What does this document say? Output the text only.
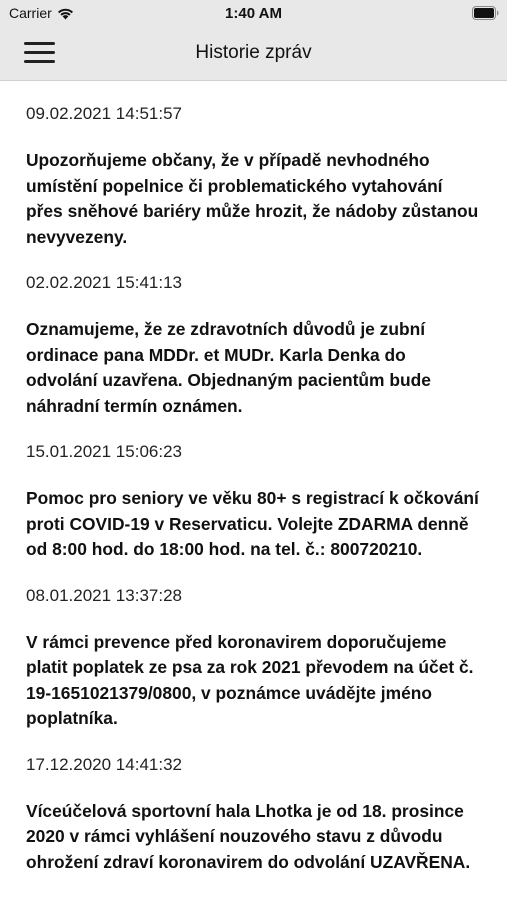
Carrier	1:40 AM
Historie zpráv
09.02.2021 14:51:57
Upozorňujeme občany, že v případě nevhodného umístění popelnice či problematického vytahování přes sněhové bariéry může hrozit, že nádoby zůstanou nevyvezeny.
02.02.2021 15:41:13
Oznamujeme, že ze zdravotních důvodů je zubní ordinace pana MDDr. et MUDr. Karla Denka do odvolání uzavřena. Objednaným pacientům bude náhradní termín oznámen.
15.01.2021 15:06:23
Pomoc pro seniory ve věku 80+ s registrací k očkování proti COVID-19 v Reservaticu. Volejte ZDARMA denně od 8:00 hod. do 18:00 hod. na tel. č.: 800720210.
08.01.2021 13:37:28
V rámci prevence před koronavirem doporučujeme platit poplatek ze psa za rok 2021 převodem na účet č. 19-1651021379/0800, v poznámce uvádějte jméno poplatníka.
17.12.2020 14:41:32
Víceúčelová sportovní hala Lhotka je od 18. prosince 2020 v rámci vyhlášení nouzového stavu z důvodu ohrožení zdraví koronavirem do odvolání UZAVŘENA.
